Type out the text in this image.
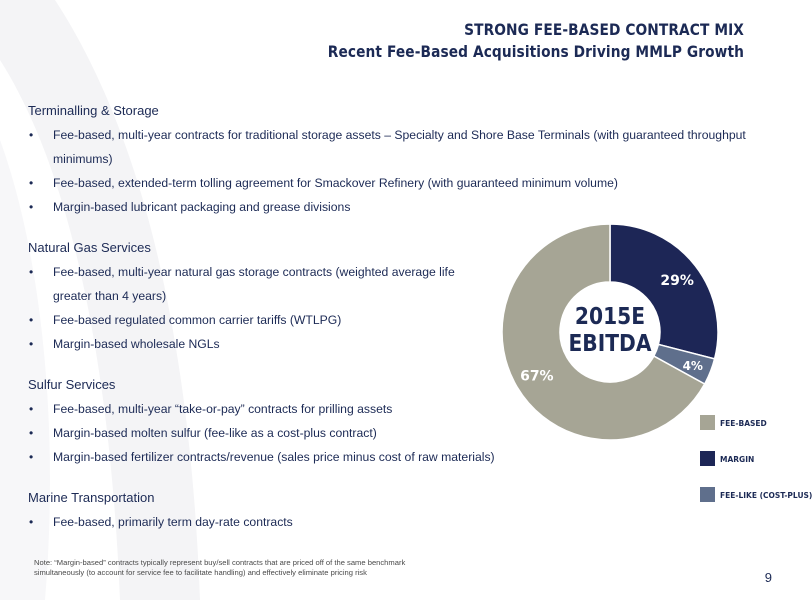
STRONG FEE-BASED CONTRACT MIX
Recent Fee-Based Acquisitions Driving MMLP Growth
Terminalling & Storage
• Fee-based, multi-year contracts for traditional storage assets – Specialty and Shore Base Terminals (with guaranteed throughput minimums)
• Fee-based, extended-term tolling agreement for Smackover Refinery (with guaranteed minimum volume)
• Margin-based lubricant packaging and grease divisions
Natural Gas Services
• Fee-based, multi-year natural gas storage contracts (weighted average life greater than 4 years)
• Fee-based regulated common carrier tariffs (WTLPG)
• Margin-based wholesale NGLs
Sulfur Services
• Fee-based, multi-year “take-or-pay” contracts for prilling assets
• Margin-based molten sulfur (fee-like as a cost-plus contract)
• Margin-based fertilizer contracts/revenue (sales price minus cost of raw materials)
Marine Transportation
• Fee-based, primarily term day-rate contracts
29%
4%
67%
2015E
EBITDA
FEE-BASED
MARGIN
FEE-LIKE (COST-PLUS)
Note: “Margin-based” contracts typically represent buy/sell contracts that are priced off of the same benchmark
simultaneously (to account for service fee to facilitate handling) and effectively eliminate pricing risk	9
